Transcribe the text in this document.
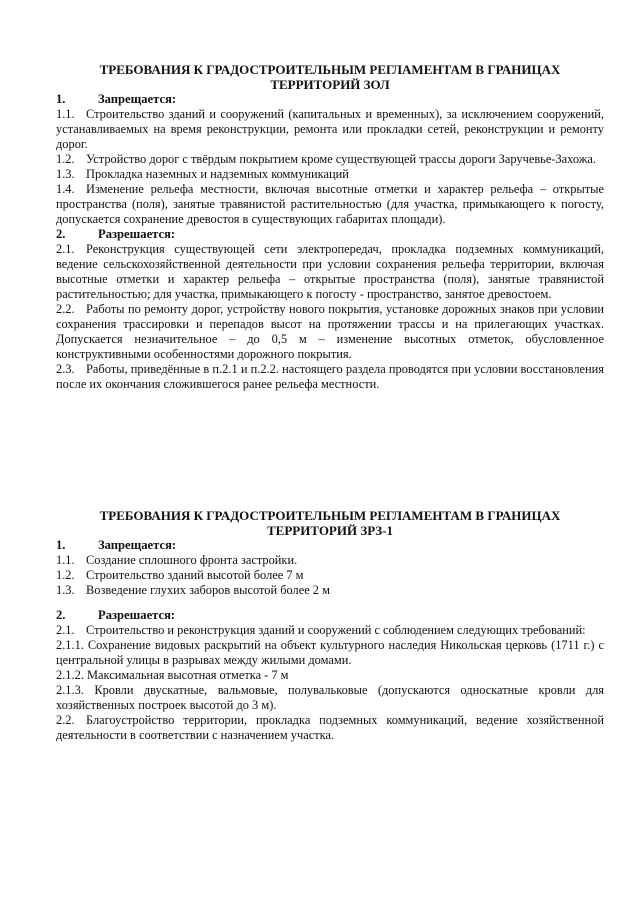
ТРЕБОВАНИЯ К ГРАДОСТРОИТЕЛЬНЫМ РЕГЛАМЕНТАМ В ГРАНИЦАХ ТЕРРИТОРИЙ ЗОЛ

1.	Запрещается:

1.1. Строительство зданий и сооружений (капитальных и временных), за исключением сооружений, устанавливаемых на время реконструкции, ремонта или прокладки сетей, реконструкции и ремонту дорог.

1.2. Устройство дорог с твёрдым покрытием кроме существующей трассы дороги Заручевье-Захожа.

1.3. Прокладка наземных и надземных коммуникаций

1.4. Изменение рельефа местности, включая высотные отметки и характер рельефа – открытые пространства (поля), занятые травянистой растительностью (для участка, примыкающего к погосту, допускается сохранение древостоя в существующих габаритах площади).

2.	Разрешается:

2.1. Реконструкция существующей сети электропередач, прокладка подземных коммуникаций, ведение сельскохозяйственной деятельности при условии сохранения рельефа территории, включая высотные отметки и характер рельефа – открытые пространства (поля), занятые травянистой растительностью; для участка, примыкающего к погосту - пространство, занятое древостоем.

2.2. Работы по ремонту дорог, устройству нового покрытия, установке дорожных знаков при условии сохранения трассировки и перепадов высот на протяжении трассы и на прилегающих участках. Допускается незначительное – до 0,5 м – изменение высотных отметок, обусловленное конструктивными особенностями дорожного покрытия.

2.3. Работы, приведённые в п.2.1 и п.2.2. настоящего раздела проводятся при условии восстановления после их окончания сложившегося ранее рельефа местности.

ТРЕБОВАНИЯ К ГРАДОСТРОИТЕЛЬНЫМ РЕГЛАМЕНТАМ В ГРАНИЦАХ ТЕРРИТОРИЙ ЗРЗ-1

1.	Запрещается:

1.1. Создание сплошного фронта застройки.

1.2. Строительство зданий высотой более 7 м

1.3. Возведение глухих заборов высотой более 2 м

2.	Разрешается:

2.1. Строительство и реконструкция зданий и сооружений с соблюдением следующих требований:

2.1.1. Сохранение видовых раскрытий на объект культурного наследия Никольская церковь (1711 г.) с центральной улицы в разрывах между жилыми домами.

2.1.2. Максимальная высотная отметка - 7 м

2.1.3. Кровли двускатные, вальмовые, полувальковые (допускаются односкатные кровли для хозяйственных построек высотой до 3 м).

2.2. Благоустройство территории, прокладка подземных коммуникаций, ведение хозяйственной деятельности в соответствии с назначением участка.
